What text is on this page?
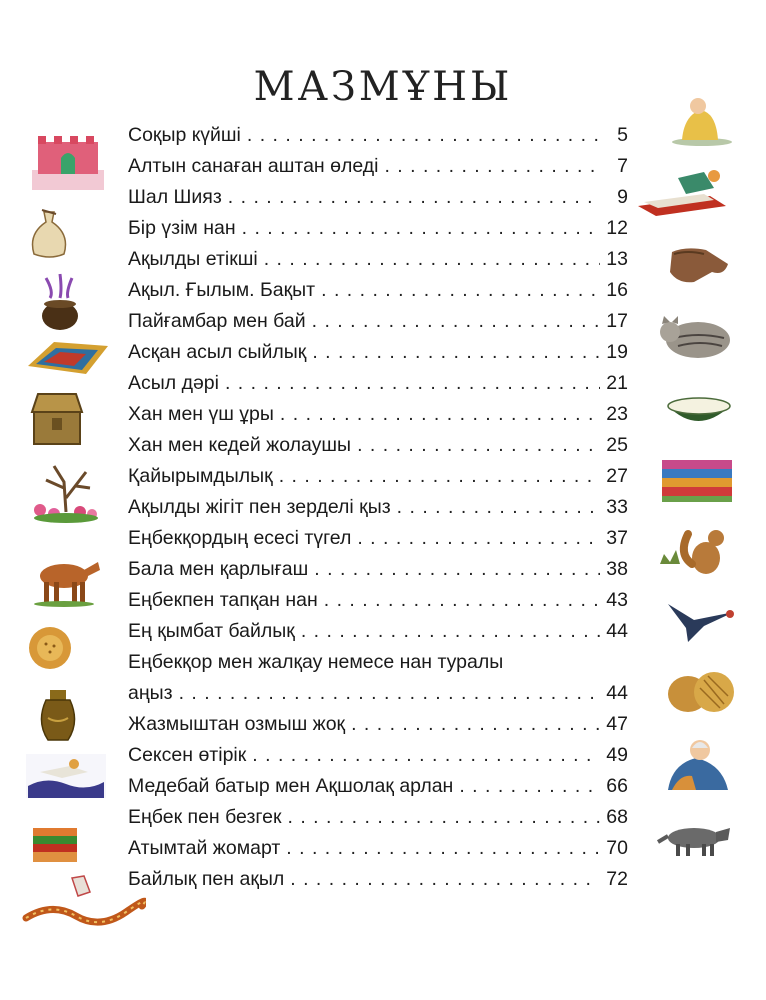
МАЗМҰНЫ
Соқыр күйші . . .	5
Алтын санаған аштан өледі . . .	7
Шал Шияз . . .	9
Бір үзім нан . . .	12
Ақылды етікші . . .	13
Ақыл. Ғылым. Бақыт . . .	16
Пайғамбар мен бай . . .	17
Асқан асыл сыйлық . . .	19
Асыл дәрі . . .	21
Хан мен үш ұры . . .	23
Хан мен кедей жолаушы . . .	25
Қайырымдылық . . .	27
Ақылды жігіт пен зерделі қыз . . .	33
Еңбекқордың есесі түгел . . .	37
Бала мен қарлығаш . . .	38
Еңбекпен тапқан нан . . .	43
Ең қымбат байлық . . .	44
Еңбекқор мен жалқау немесе нан туралы
аңыз . . .	44
Жазмыштан озмыш жоқ . . .	47
Сексен өтірік . . .	49
Медебай батыр мен Ақшолақ арлан . . .	66
Еңбек пен безгек . . .	68
Атымтай жомарт . . .	70
Байлық пен ақыл . . .	72
